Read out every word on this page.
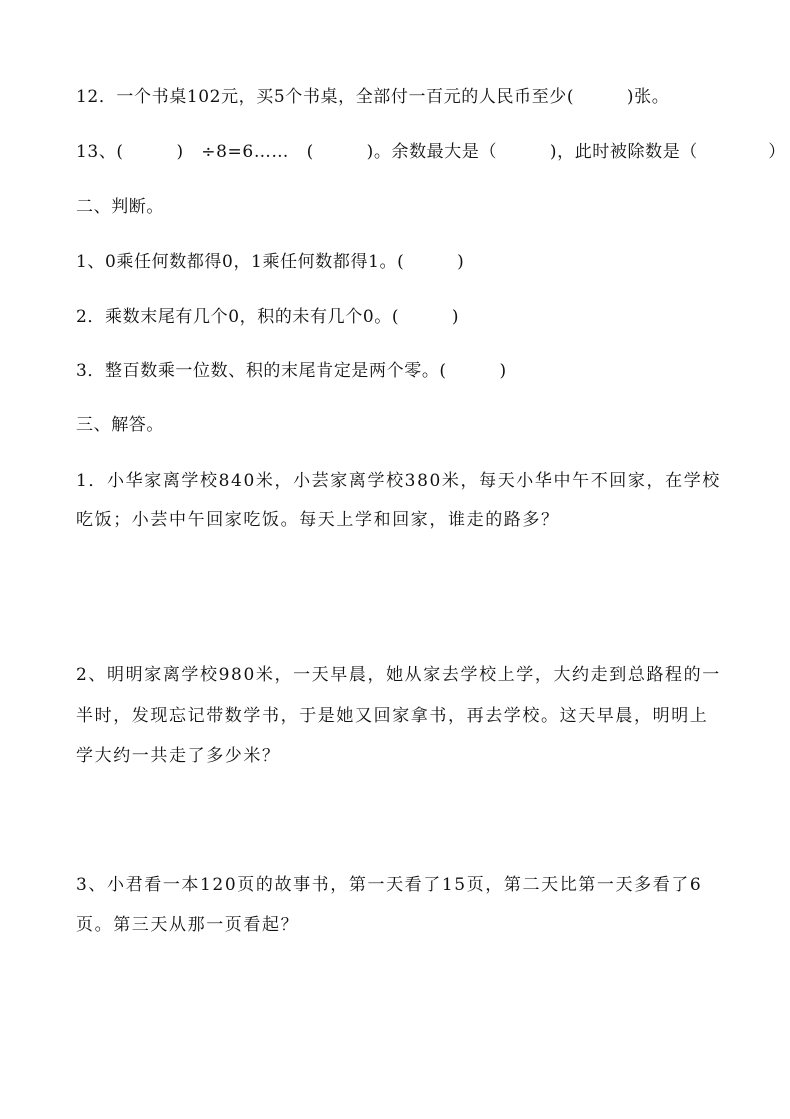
12．一个书桌102元，买5个书桌，全部付一百元的人民币至少(　　　)张。
13、(　　　)　÷8=6……　(　　　)。余数最大是（　　　)，此时被除数是（　　　　）
二、判断。
1、0乘任何数都得0，1乘任何数都得1。(　　　)
2．乘数末尾有几个0，积的未有几个0。(　　　)
3．整百数乘一位数、积的末尾肯定是两个零。(　　　)
三、解答。
1．小华家离学校840米，小芸家离学校380米，每天小华中午不回家，在学校
吃饭；小芸中午回家吃饭。每天上学和回家，谁走的路多？
2、明明家离学校980米，一天早晨，她从家去学校上学，大约走到总路程的一
半时，发现忘记带数学书，于是她又回家拿书，再去学校。这天早晨，明明上
学大约一共走了多少米？
3、小君看一本120页的故事书，第一天看了15页，第二天比第一天多看了6
页。第三天从那一页看起？
